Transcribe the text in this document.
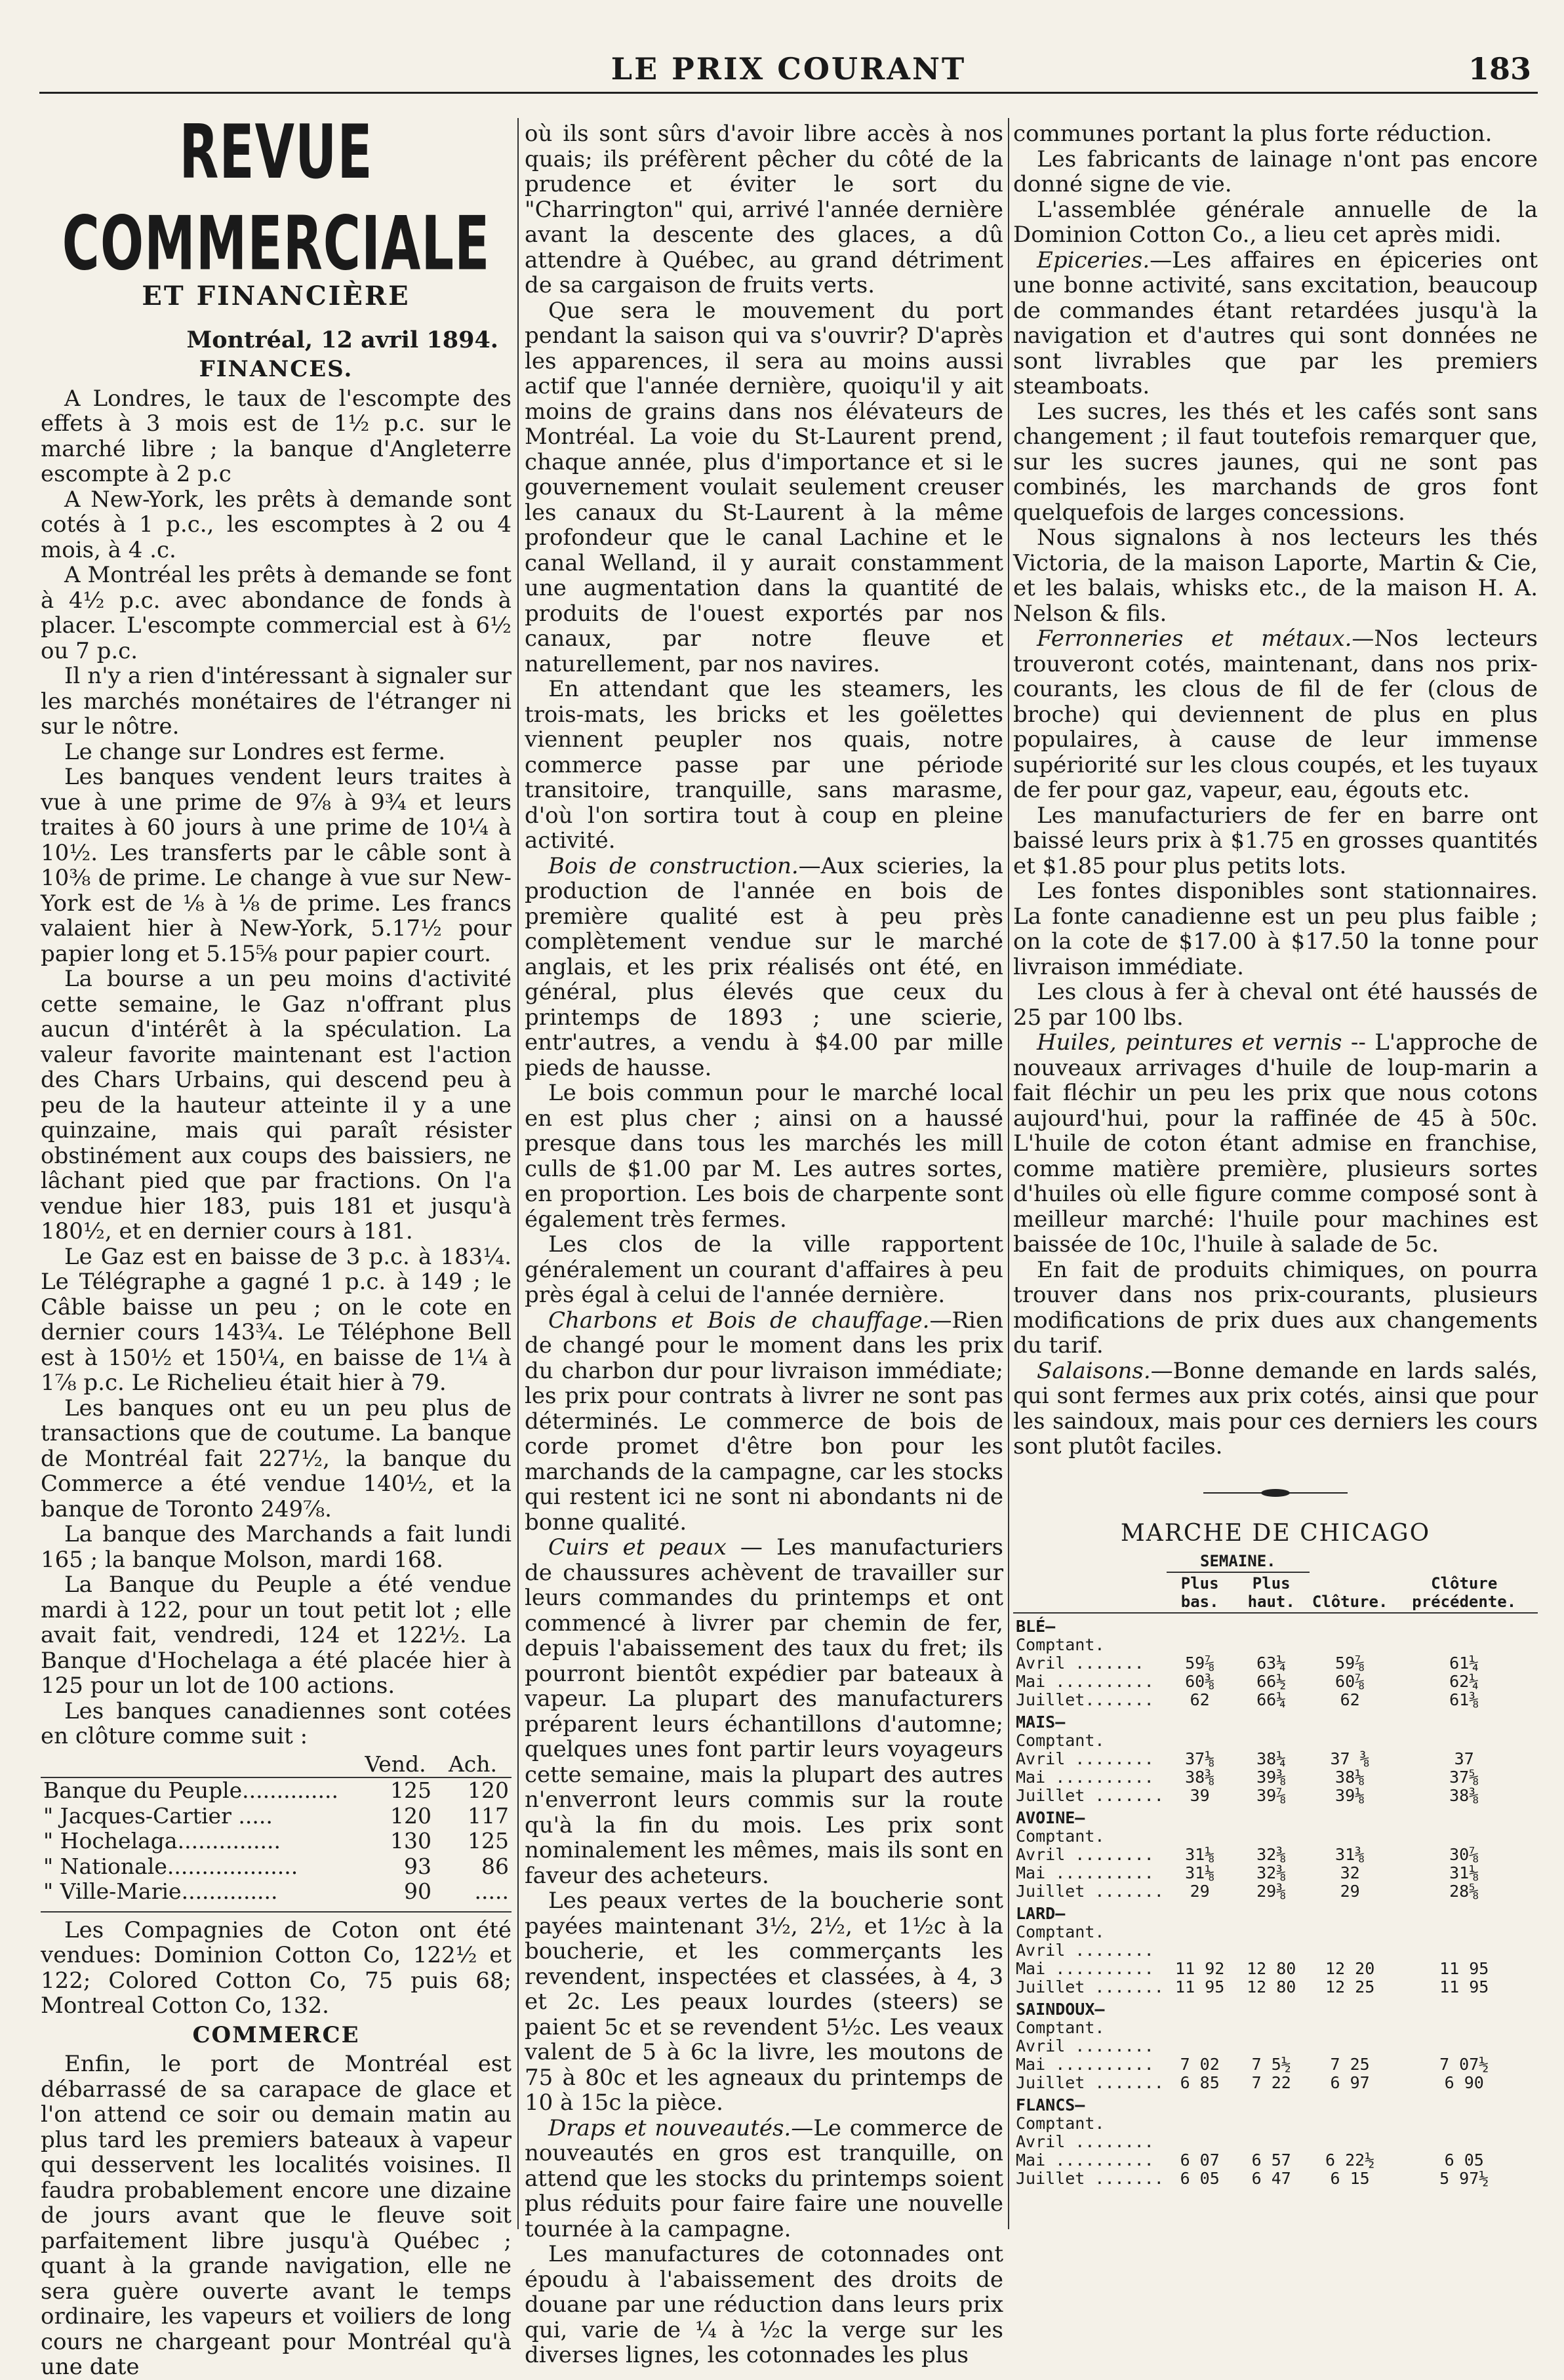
LE PRIX COURANT	183
REVUE COMMERCIALE
ET FINANCIÈRE
Montréal, 12 avril 1894.
FINANCES.

A Londres, le taux de l'escompte des effets à 3 mois est de 1½ p.c. sur le marché libre ; la banque d'Angleterre escompte à 2 p.c

A New-York, les prêts à demande sont cotés à 1 p.c., les escomptes à 2 ou 4 mois, à 4 .c.

A Montréal les prêts à demande se font à 4½ p.c. avec abondance de fonds à placer. L'escompte commercial est à 6½ ou 7 p.c.

Il n'y a rien d'intéressant à signaler sur les marchés monétaires de l'étranger ni sur le nôtre.

Le change sur Londres est ferme.

Les banques vendent leurs traites à vue à une prime de 9⅞ à 9¾ et leurs traites à 60 jours à une prime de 10¼ à 10½. Les transferts par le câble sont à 10⅜ de prime. Le change à vue sur New-York est de ⅛ à ⅛ de prime. Les francs valaient hier à New-York, 5.17½ pour papier long et 5.15⅝ pour papier court.

La bourse a un peu moins d'activité cette semaine, le Gaz n'offrant plus aucun d'intérêt à la spéculation. La valeur favorite maintenant est l'action des Chars Urbains, qui descend peu à peu de la hauteur atteinte il y a une quinzaine, mais qui paraît résister obstinément aux coups des baissiers, ne lâchant pied que par fractions. On l'a vendue hier 183, puis 181 et jusqu'à 180½, et en dernier cours à 181.

Le Gaz est en baisse de 3 p.c. à 183¼. Le Télégraphe a gagné 1 p.c. à 149 ; le Câble baisse un peu ; on le cote en dernier cours 143¾. Le Téléphone Bell est à 150½ et 150¼, en baisse de 1¼ à 1⅞ p.c. Le Richelieu était hier à 79.

Les banques ont eu un peu plus de transactions que de coutume. La banque de Montréal fait 227½, la banque du Commerce a été vendue 140½, et la banque de Toronto 249⅞.

La banque des Marchands a fait lundi 165 ; la banque Molson, mardi 168.

La Banque du Peuple a été vendue mardi à 122, pour un tout petit lot ; elle avait fait, vendredi, 124 et 122½. La Banque d'Hochelaga a été placée hier à 125 pour un lot de 100 actions.

Les banques canadiennes sont cotées en clôture comme suit :

	Vend.	Ach.
Banque du Peuple..............	125	120
" Jacques-Cartier .....	120	117
" Hochelaga...............	130	125
" Nationale...................	93	86
" Ville-Marie..............	90	.....

Les Compagnies de Coton ont été vendues: Dominion Cotton Co, 122½ et 122; Colored Cotton Co, 75 puis 68; Montreal Cotton Co, 132.

COMMERCE

Enfin, le port de Montréal est débarrassé de sa carapace de glace et l'on attend ce soir ou demain matin au plus tard les premiers bateaux à vapeur qui desservent les localités voisines. Il faudra probablement encore une dizaine de jours avant que le fleuve soit parfaitement libre jusqu'à Québec ; quant à la grande navigation, elle ne sera guère ouverte avant le temps ordinaire, les vapeurs et voiliers de long cours ne chargeant pour Montréal qu'à une date

où ils sont sûrs d'avoir libre accès à nos quais; ils préfèrent pêcher du côté de la prudence et éviter le sort du "Charrington" qui, arrivé l'année dernière avant la descente des glaces, a dû attendre à Québec, au grand détriment de sa cargaison de fruits verts.

Que sera le mouvement du port pendant la saison qui va s'ouvrir? D'après les apparences, il sera au moins aussi actif que l'année dernière, quoiqu'il y ait moins de grains dans nos élévateurs de Montréal. La voie du St-Laurent prend, chaque année, plus d'importance et si le gouvernement voulait seulement creuser les canaux du St-Laurent à la même profondeur que le canal Lachine et le canal Welland, il y aurait constamment une augmentation dans la quantité de produits de l'ouest exportés par nos canaux, par notre fleuve et naturellement, par nos navires.

En attendant que les steamers, les trois-mats, les bricks et les goëlettes viennent peupler nos quais, notre commerce passe par une période transitoire, tranquille, sans marasme, d'où l'on sortira tout à coup en pleine activité.

Bois de construction.—Aux scieries, la production de l'année en bois de première qualité est à peu près complètement vendue sur le marché anglais, et les prix réalisés ont été, en général, plus élevés que ceux du printemps de 1893 ; une scierie, entr'autres, a vendu à $4.00 par mille pieds de hausse.

Le bois commun pour le marché local en est plus cher ; ainsi on a haussé presque dans tous les marchés les mill culls de $1.00 par M. Les autres sortes, en proportion. Les bois de charpente sont également très fermes.

Les clos de la ville rapportent généralement un courant d'affaires à peu près égal à celui de l'année dernière.

Charbons et Bois de chauffage.—Rien de changé pour le moment dans les prix du charbon dur pour livraison immédiate; les prix pour contrats à livrer ne sont pas déterminés. Le commerce de bois de corde promet d'être bon pour les marchands de la campagne, car les stocks qui restent ici ne sont ni abondants ni de bonne qualité.

Cuirs et peaux — Les manufacturiers de chaussures achèvent de travailler sur leurs commandes du printemps et ont commencé à livrer par chemin de fer, depuis l'abaissement des taux du fret; ils pourront bientôt expédier par bateaux à vapeur. La plupart des manufacturers préparent leurs échantillons d'automne; quelques unes font partir leurs voyageurs cette semaine, mais la plupart des autres n'enverront leurs commis sur la route qu'à la fin du mois. Les prix sont nominalement les mêmes, mais ils sont en faveur des acheteurs.

Les peaux vertes de la boucherie sont payées maintenant 3½, 2½, et 1½c à la boucherie, et les commerçants les revendent, inspectées et classées, à 4, 3 et 2c. Les peaux lourdes (steers) se paient 5c et se revendent 5½c. Les veaux valent de 5 à 6c la livre, les moutons de 75 à 80c et les agneaux du printemps de 10 à 15c la pièce.

Draps et nouveautés.—Le commerce de nouveautés en gros est tranquille, on attend que les stocks du printemps soient plus réduits pour faire faire une nouvelle tournée à la campagne.

Les manufactures de cotonnades ont époudu à l'abaissement des droits de douane par une réduction dans leurs prix qui, varie de ¼ à ½c la verge sur les diverses lignes, les cotonnades les plus

communes portant la plus forte réduction.

Les fabricants de lainage n'ont pas encore donné signe de vie.

L'assemblée générale annuelle de la Dominion Cotton Co., a lieu cet après midi.

Epiceries.—Les affaires en épiceries ont une bonne activité, sans excitation, beaucoup de commandes étant retardées jusqu'à la navigation et d'autres qui sont données ne sont livrables que par les premiers steamboats.

Les sucres, les thés et les cafés sont sans changement ; il faut toutefois remarquer que, sur les sucres jaunes, qui ne sont pas combinés, les marchands de gros font quelquefois de larges concessions.

Nous signalons à nos lecteurs les thés Victoria, de la maison Laporte, Martin & Cie, et les balais, whisks etc., de la maison H. A. Nelson & fils.

Ferronneries et métaux.—Nos lecteurs trouveront cotés, maintenant, dans nos prix-courants, les clous de fil de fer (clous de broche) qui deviennent de plus en plus populaires, à cause de leur immense supériorité sur les clous coupés, et les tuyaux de fer pour gaz, vapeur, eau, égouts etc.

Les manufacturiers de fer en barre ont baissé leurs prix à $1.75 en grosses quantités et $1.85 pour plus petits lots.

Les fontes disponibles sont stationnaires. La fonte canadienne est un peu plus faible ; on la cote de $17.00 à $17.50 la tonne pour livraison immédiate.

Les clous à fer à cheval ont été haussés de 25 par 100 lbs.

Huiles, peintures et vernis -- L'approche de nouveaux arrivages d'huile de loup-marin a fait fléchir un peu les prix que nous cotons aujourd'hui, pour la raffinée de 45 à 50c. L'huile de coton étant admise en franchise, comme matière première, plusieurs sortes d'huiles où elle figure comme composé sont à meilleur marché: l'huile pour machines est baissée de 10c, l'huile à salade de 5c.

En fait de produits chimiques, on pourra trouver dans nos prix-courants, plusieurs modifications de prix dues aux changements du tarif.

Salaisons.—Bonne demande en lards salés, qui sont fermes aux prix cotés, ainsi que pour les saindoux, mais pour ces derniers les cours sont plutôt faciles.

MARCHE DE CHICAGO
	SEMAINE.		Clôture.	Clôture précédente.
	Plus bas.	Plus haut.		
BLÉ—				
Comptant.				
Avril .......	59⅞	63¼	59⅞	61¼
Mai ..........	60⅜	66½	60⅞	62¼
Juillet.......	62	66¼	62	61⅜
MAIS—				
Comptant.				
Avril ........	37⅛	38¼	37 ⅜	37
Mai ..........	38⅜	39⅜	38⅛	37⅝
Juillet .......	39	39⅞	39⅛	38⅜
AVOINE—				
Comptant.				
Avril ........	31⅛	32⅜	31⅜	30⅞
Mai ..........	31⅛	32⅜	32	31⅛
Juillet .......	29	29⅜	29	28⅝
LARD—				
Comptant.				
Avril ........				
Mai ..........	11 92	12 80	12 20	11 95
Juillet .......	11 95	12 80	12 25	11 95
SAINDOUX—				
Comptant.				
Avril ........				
Mai ..........	7 02	7 5½	7 25	7 07½
Juillet .......	6 85	7 22	6 97	6 90
FLANCS—				
Comptant.				
Avril ........				
Mai ..........	6 07	6 57	6 22½	6 05
Juillet .......	6 05	6 47	6 15	5 97½
